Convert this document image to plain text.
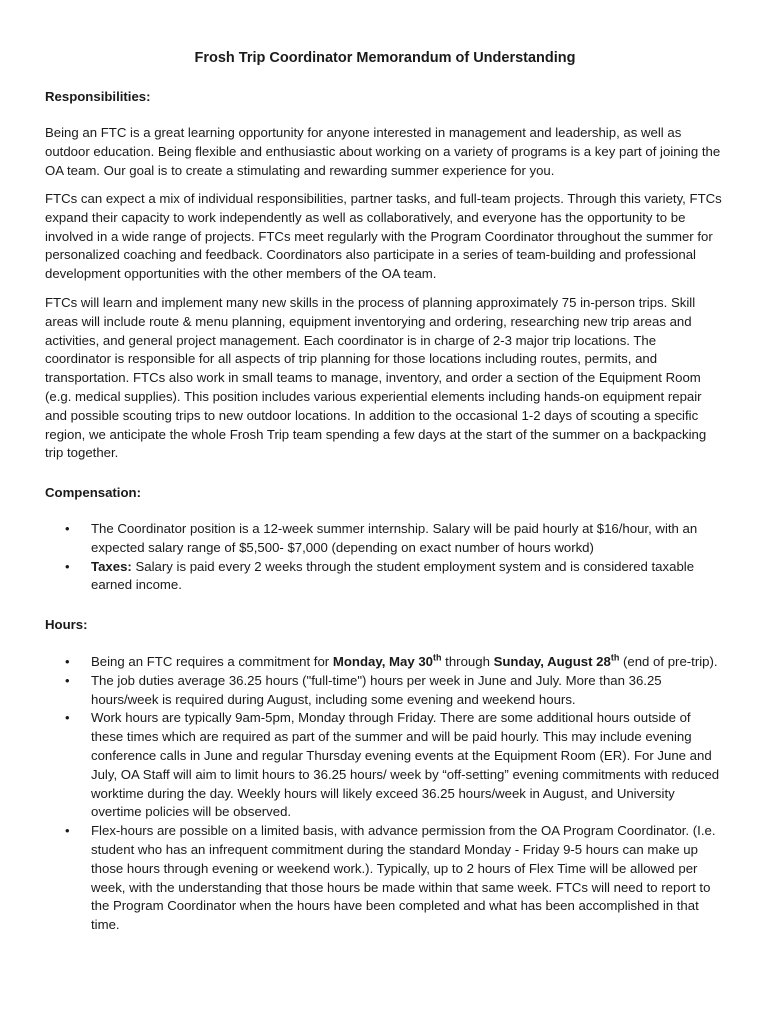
Frosh Trip Coordinator Memorandum of Understanding
Responsibilities:

Being an FTC is a great learning opportunity for anyone interested in management and leadership, as well as outdoor education. Being flexible and enthusiastic about working on a variety of programs is a key part of joining the OA team. Our goal is to create a stimulating and rewarding summer experience for you.

FTCs can expect a mix of individual responsibilities, partner tasks, and full-team projects. Through this variety, FTCs expand their capacity to work independently as well as collaboratively, and everyone has the opportunity to be involved in a wide range of projects. FTCs meet regularly with the Program Coordinator throughout the summer for personalized coaching and feedback. Coordinators also participate in a series of team-building and professional development opportunities with the other members of the OA team.

FTCs will learn and implement many new skills in the process of planning approximately 75 in-person trips. Skill areas will include route & menu planning, equipment inventorying and ordering, researching new trip areas and activities, and general project management. Each coordinator is in charge of 2-3 major trip locations. The coordinator is responsible for all aspects of trip planning for those locations including routes, permits, and transportation. FTCs also work in small teams to manage, inventory, and order a section of the Equipment Room (e.g. medical supplies). This position includes various experiential elements including hands-on equipment repair and possible scouting trips to new outdoor locations. In addition to the occasional 1-2 days of scouting a specific region, we anticipate the whole Frosh Trip team spending a few days at the start of the summer on a backpacking trip together.

Compensation:
• The Coordinator position is a 12-week summer internship. Salary will be paid hourly at $16/hour, with an expected salary range of $5,500- $7,000 (depending on exact number of hours workd)
• Taxes: Salary is paid every 2 weeks through the student employment system and is considered taxable earned income.
Hours:
• Being an FTC requires a commitment for Monday, May 30th through Sunday, August 28th (end of pre-trip).
• The job duties average 36.25 hours ("full-time") hours per week in June and July. More than 36.25 hours/week is required during August, including some evening and weekend hours.
• Work hours are typically 9am-5pm, Monday through Friday. There are some additional hours outside of these times which are required as part of the summer and will be paid hourly. This may include evening conference calls in June and regular Thursday evening events at the Equipment Room (ER). For June and July, OA Staff will aim to limit hours to 36.25 hours/ week by “off-setting” evening commitments with reduced worktime during the day. Weekly hours will likely exceed 36.25 hours/week in August, and University overtime policies will be observed.
• Flex-hours are possible on a limited basis, with advance permission from the OA Program Coordinator. (I.e. student who has an infrequent commitment during the standard Monday - Friday 9-5 hours can make up those hours through evening or weekend work.). Typically, up to 2 hours of Flex Time will be allowed per week, with the understanding that those hours be made within that same week. FTCs will need to report to the Program Coordinator when the hours have been completed and what has been accomplished in that time.
